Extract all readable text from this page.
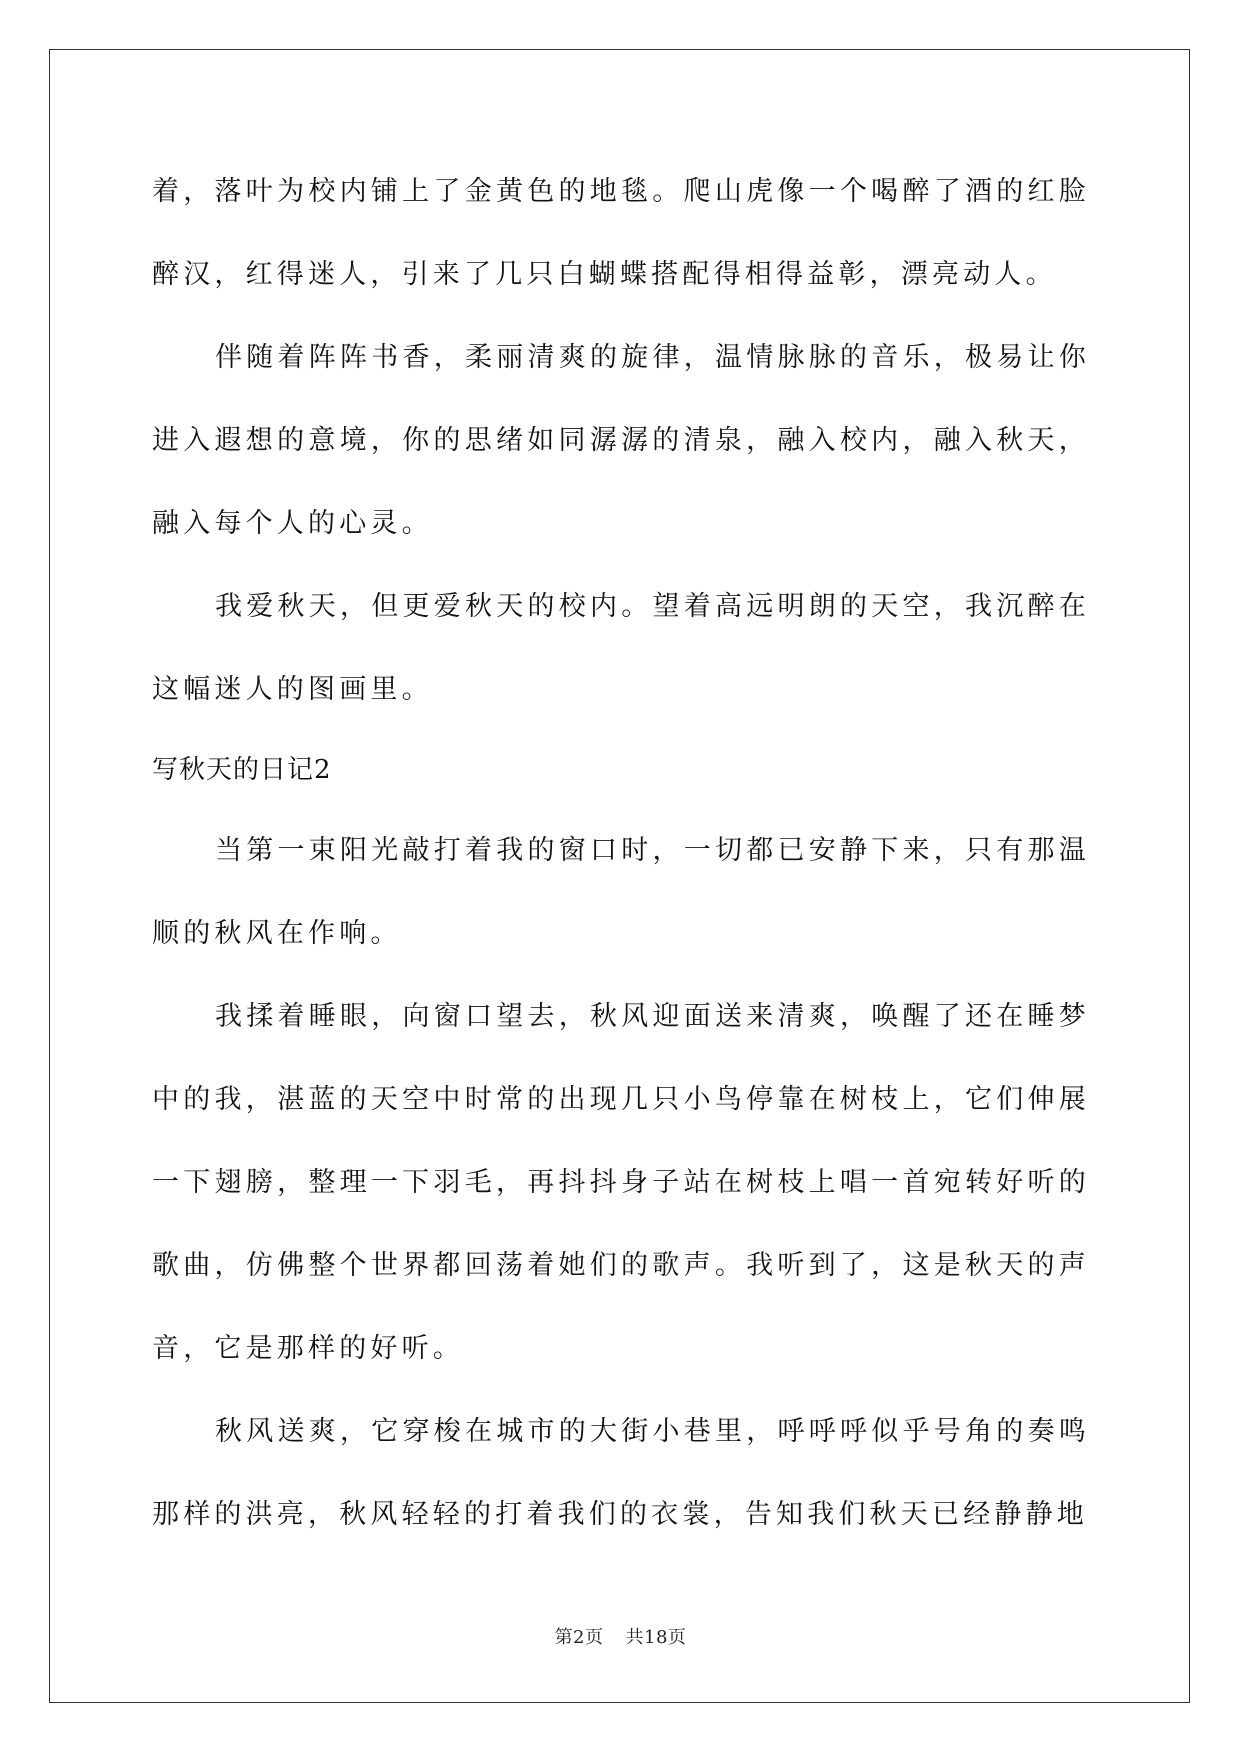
着，落叶为校内铺上了金黄色的地毯。爬山虎像一个喝醉了酒的红脸醉汉，红得迷人，引来了几只白蝴蝶搭配得相得益彰，漂亮动人。

伴随着阵阵书香，柔丽清爽的旋律，温情脉脉的音乐，极易让你进入遐想的意境，你的思绪如同潺潺的清泉，融入校内，融入秋天，融入每个人的心灵。

我爱秋天，但更爱秋天的校内。望着高远明朗的天空，我沉醉在这幅迷人的图画里。

写秋天的日记2

当第一束阳光敲打着我的窗口时，一切都已安静下来，只有那温顺的秋风在作响。

我揉着睡眼，向窗口望去，秋风迎面送来清爽，唤醒了还在睡梦中的我，湛蓝的天空中时常的出现几只小鸟停靠在树枝上，它们伸展一下翅膀，整理一下羽毛，再抖抖身子站在树枝上唱一首宛转好听的歌曲，仿佛整个世界都回荡着她们的歌声。我听到了，这是秋天的声音，它是那样的好听。

秋风送爽，它穿梭在城市的大街小巷里，呼呼呼似乎号角的奏鸣那样的洪亮，秋风轻轻的打着我们的衣裳，告知我们秋天已经静静地

第2页 共18页
